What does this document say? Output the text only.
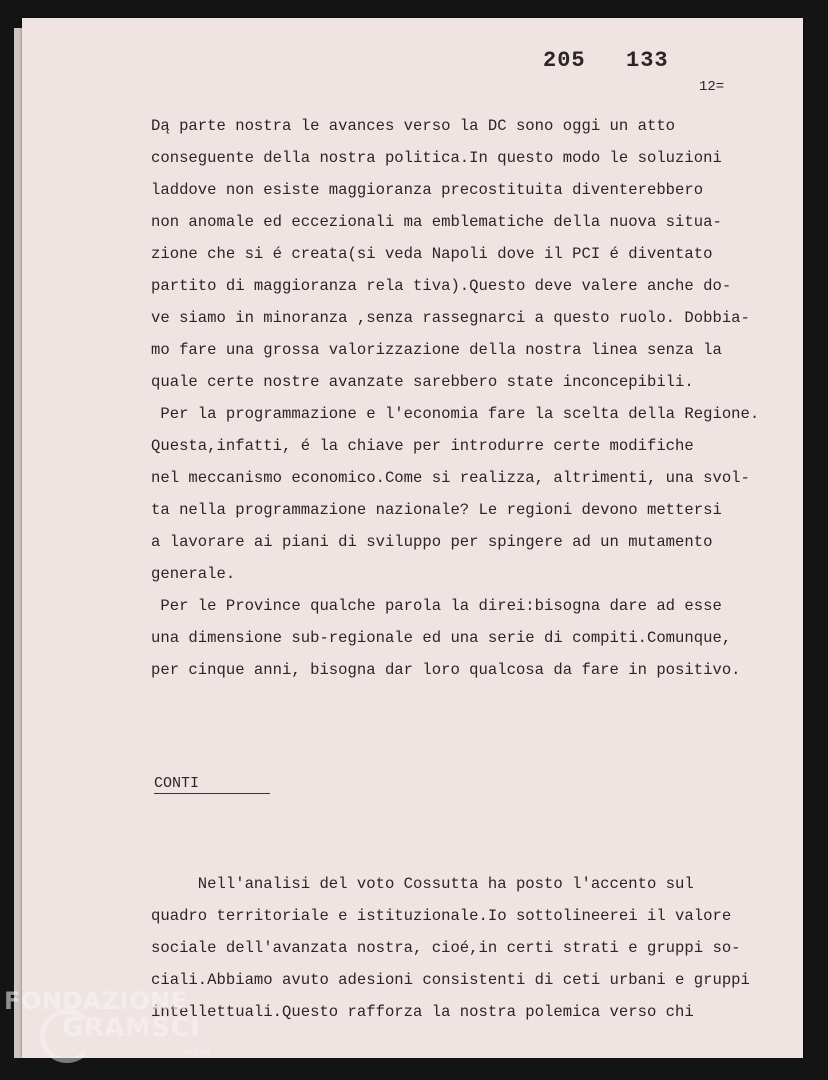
205  133
12=
Dą parte nostra le avances verso la DC sono oggi un atto
conseguente della nostra politica.In questo modo le soluzioni
laddove non esiste maggioranza precostituita diventerebbero
non anomale ed eccezionali ma emblematiche della nuova situa-
zione che si é creata(si veda Napoli dove il PCI é diventato
partito di maggioranza rela tiva).Questo deve valere anche do-
ve siamo in minoranza ,senza rassegnarci a questo ruolo. Dobbia-
mo fare una grossa valorizzazione della nostra linea senza la
quale certe nostre avanzate sarebbero state inconcepibili.
Per la programmazione e l'economia fare la scelta della Regione.
Questa,infatti, é la chiave per introdurre certe modifiche
nel meccanismo economico.Come si realizza, altrimenti, una svol-
ta nella programmazione nazionale? Le regioni devono mettersi
a lavorare ai piani di sviluppo per spingere ad un mutamento
generale.
Per le Province qualche parola la direi:bisogna dare ad esse
una dimensione sub-regionale ed una serie di compiti.Comunque,
per cinque anni, bisogna dar loro qualcosa da fare in positivo.
CONTI
Nell'analisi del voto Cossutta ha posto l'accento sul
quadro territoriale e istituzionale.Io sottolineerei il valore
sociale dell'avanzata nostra, cioé,in certi strati e gruppi so-
ciali.Abbiamo avuto adesioni consistenti di ceti urbani e gruppi
intellettuali.Questo rafforza la nostra polemica verso chi
FONDAZIONE
GRAMSCI
onlus
